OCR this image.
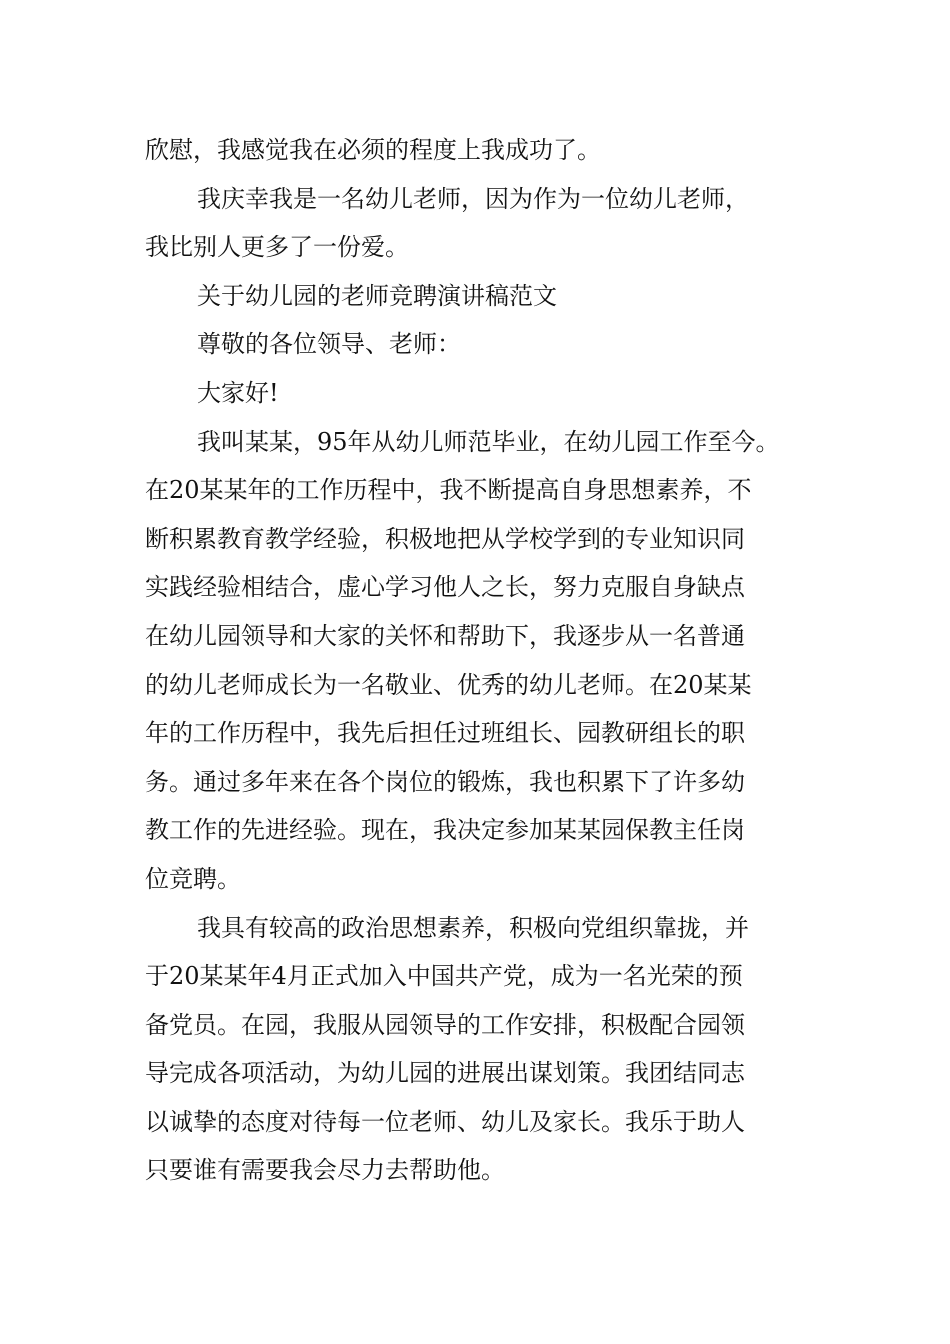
欣慰，我感觉我在必须的程度上我成功了。
我庆幸我是一名幼儿老师，因为作为一位幼儿老师，
我比别人更多了一份爱。
关于幼儿园的老师竞聘演讲稿范文
尊敬的各位领导、老师：
大家好!
我叫某某，95年从幼儿师范毕业，在幼儿园工作至今。
在20某某年的工作历程中，我不断提高自身思想素养，不
断积累教育教学经验，积极地把从学校学到的专业知识同
实践经验相结合，虚心学习他人之长，努力克服自身缺点
在幼儿园领导和大家的关怀和帮助下，我逐步从一名普通
的幼儿老师成长为一名敬业、优秀的幼儿老师。在20某某
年的工作历程中，我先后担任过班组长、园教研组长的职
务。通过多年来在各个岗位的锻炼，我也积累下了许多幼
教工作的先进经验。现在，我决定参加某某园保教主任岗
位竞聘。
我具有较高的政治思想素养，积极向党组织靠拢，并
于20某某年4月正式加入中国共产党，成为一名光荣的预
备党员。在园，我服从园领导的工作安排，积极配合园领
导完成各项活动，为幼儿园的进展出谋划策。我团结同志
以诚挚的态度对待每一位老师、幼儿及家长。我乐于助人
只要谁有需要我会尽力去帮助他。
